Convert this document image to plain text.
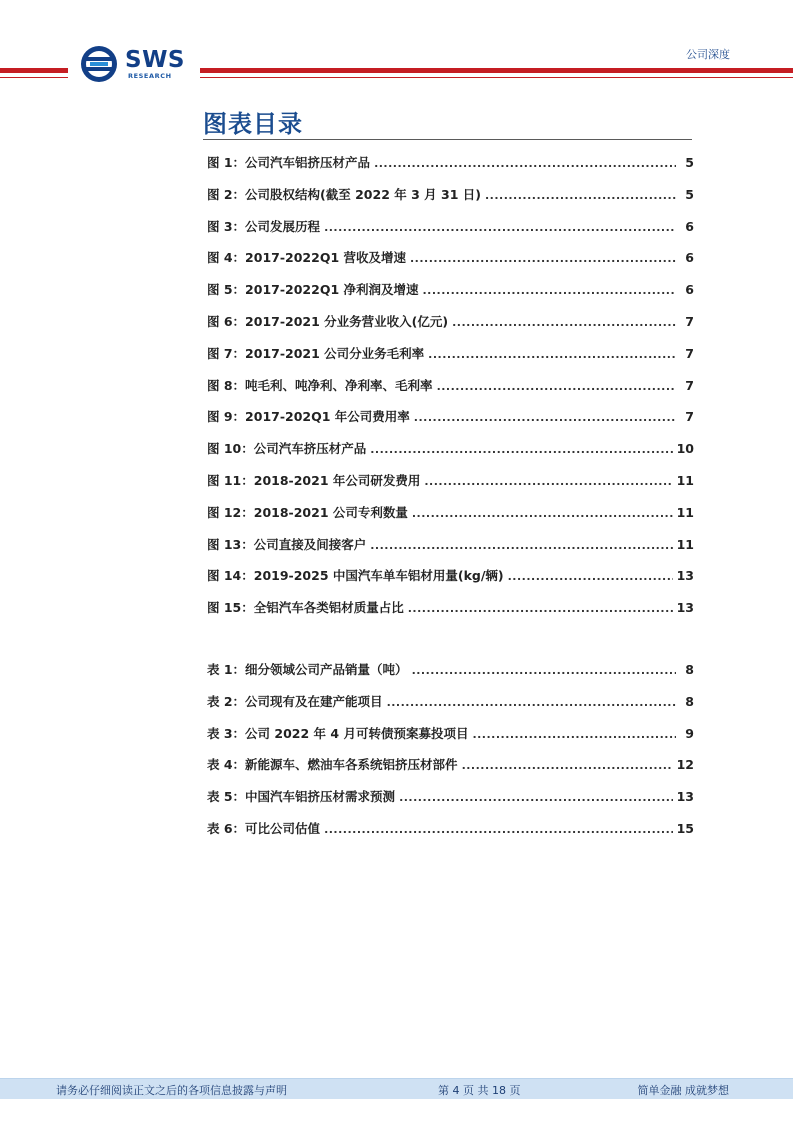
SWS
RESEARCH
公司深度
图表目录
图 1：公司汽车铝挤压材产品 .....	5
图 2：公司股权结构(截至 2022 年 3 月 31 日) .....	5
图 3：公司发展历程 .....	6
图 4：2017-2022Q1 营收及增速 .....	6
图 5：2017-2022Q1 净利润及增速 .....	6
图 6：2017-2021 分业务营业收入(亿元) .....	7
图 7：2017-2021 公司分业务毛利率 .....	7
图 8：吨毛利、吨净利、净利率、毛利率 .....	7
图 9：2017-202Q1 年公司费用率 .....	7
图 10：公司汽车挤压材产品 .....	10
图 11：2018-2021 年公司研发费用 .....	11
图 12：2018-2021 公司专利数量 .....	11
图 13：公司直接及间接客户 .....	11
图 14：2019-2025 中国汽车单车铝材用量(kg/辆) .....	13
图 15：全铝汽车各类铝材质量占比 .....	13
表 1：细分领域公司产品销量（吨） .....	8
表 2：公司现有及在建产能项目 .....	8
表 3：公司 2022 年 4 月可转债预案募投项目 .....	9
表 4：新能源车、燃油车各系统铝挤压材部件 .....	12
表 5：中国汽车铝挤压材需求预测 .....	13
表 6：可比公司估值 .....	15
请务必仔细阅读正文之后的各项信息披露与声明	第 4 页 共 18 页	简单金融 成就梦想
